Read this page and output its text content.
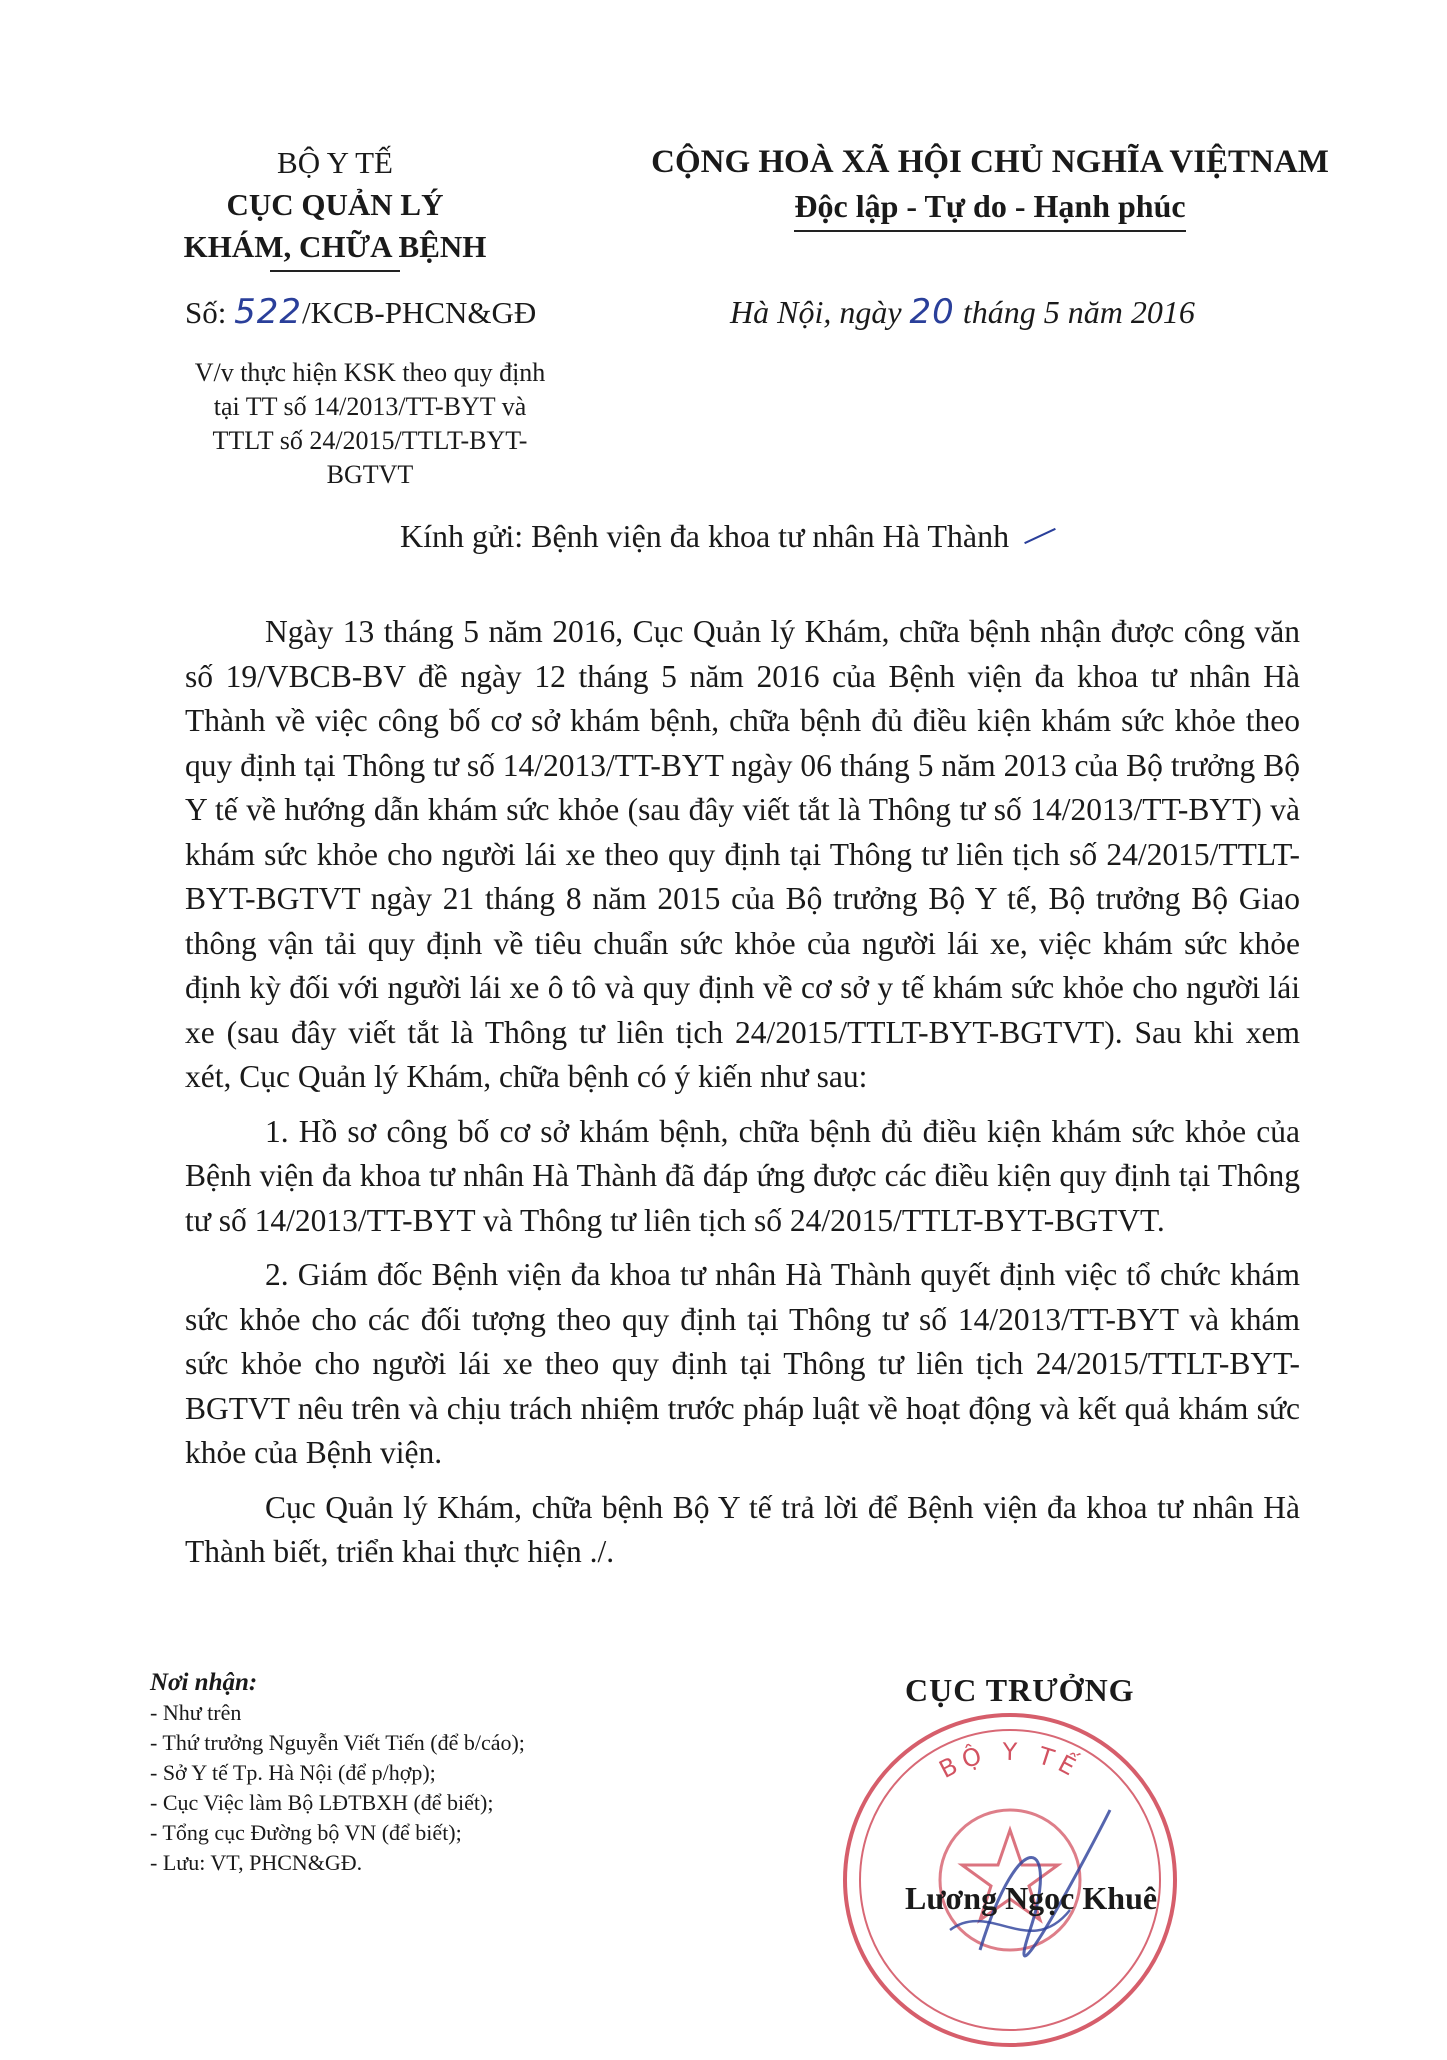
BỘ Y TẾ
CỤC QUẢN LÝ
KHÁM, CHỮA BỆNH
CỘNG HOÀ XÃ HỘI CHỦ NGHĨA VIỆTNAM
Độc lập - Tự do - Hạnh phúc
Số: 522/KCB-PHCN&GĐ	Hà Nội, ngày 20 tháng 5 năm 2016
V/v thực hiện KSK theo quy định
tại TT số 14/2013/TT-BYT và
TTLT số 24/2015/TTLT-BYT-
BGTVT
Kính gửi: Bệnh viện đa khoa tư nhân Hà Thành

Ngày 13 tháng 5 năm 2016, Cục Quản lý Khám, chữa bệnh nhận được công văn số 19/VBCB-BV đề ngày 12 tháng 5 năm 2016 của Bệnh viện đa khoa tư nhân Hà Thành về việc công bố cơ sở khám bệnh, chữa bệnh đủ điều kiện khám sức khỏe theo quy định tại Thông tư số 14/2013/TT-BYT ngày 06 tháng 5 năm 2013 của Bộ trưởng Bộ Y tế về hướng dẫn khám sức khỏe (sau đây viết tắt là Thông tư số 14/2013/TT-BYT) và khám sức khỏe cho người lái xe theo quy định tại Thông tư liên tịch số 24/2015/TTLT-BYT-BGTVT ngày 21 tháng 8 năm 2015 của Bộ trưởng Bộ Y tế, Bộ trưởng Bộ Giao thông vận tải quy định về tiêu chuẩn sức khỏe của người lái xe, việc khám sức khỏe định kỳ đối với người lái xe ô tô và quy định về cơ sở y tế khám sức khỏe cho người lái xe (sau đây viết tắt là Thông tư liên tịch 24/2015/TTLT-BYT-BGTVT). Sau khi xem xét, Cục Quản lý Khám, chữa bệnh có ý kiến như sau:

1. Hồ sơ công bố cơ sở khám bệnh, chữa bệnh đủ điều kiện khám sức khỏe của Bệnh viện đa khoa tư nhân Hà Thành đã đáp ứng được các điều kiện quy định tại Thông tư số 14/2013/TT-BYT và Thông tư liên tịch số 24/2015/TTLT-BYT-BGTVT.

2. Giám đốc Bệnh viện đa khoa tư nhân Hà Thành quyết định việc tổ chức khám sức khỏe cho các đối tượng theo quy định tại Thông tư số 14/2013/TT-BYT và khám sức khỏe cho người lái xe theo quy định tại Thông tư liên tịch 24/2015/TTLT-BYT-BGTVT nêu trên và chịu trách nhiệm trước pháp luật về hoạt động và kết quả khám sức khỏe của Bệnh viện.

Cục Quản lý Khám, chữa bệnh Bộ Y tế trả lời để Bệnh viện đa khoa tư nhân Hà Thành biết, triển khai thực hiện ./.

Nơi nhận:
- Như trên
- Thứ trưởng Nguyễn Viết Tiến (để b/cáo);
- Sở Y tế Tp. Hà Nội (để p/hợp);
- Cục Việc làm Bộ LĐTBXH (để biết);
- Tổng cục Đường bộ VN (để biết);
- Lưu: VT, PHCN&GĐ.
BỘ Y TẾ
CỤC TRƯỞNG
Lương Ngọc Khuê
